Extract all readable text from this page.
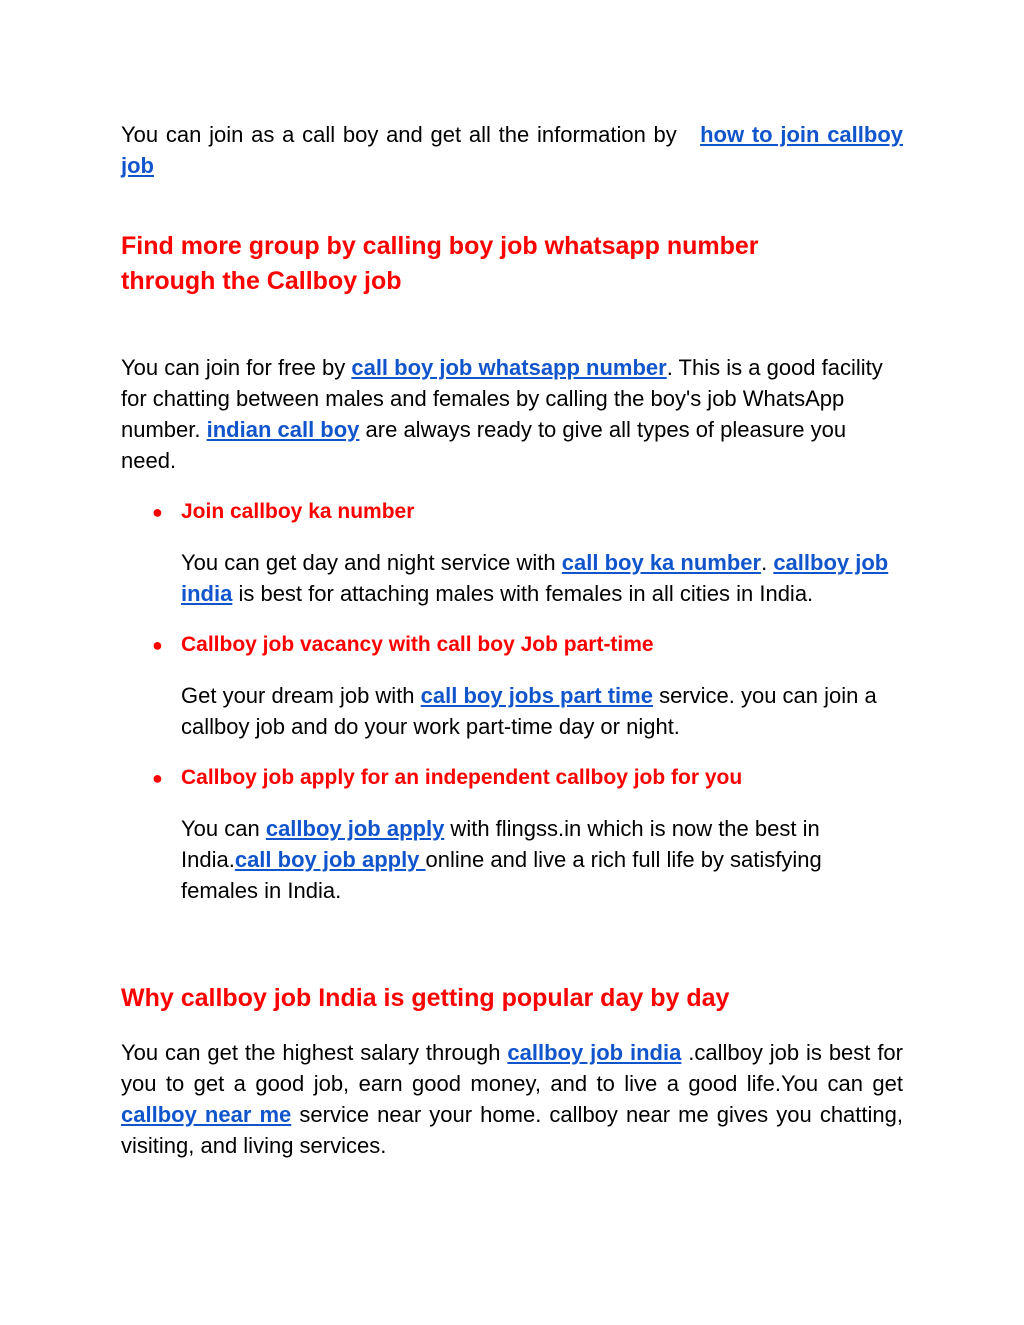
You can join as a call boy and get all the information by   how to join callboy job

Find more group by calling boy job whatsapp number through the Callboy job

You can join for free by call boy job whatsapp number. This is a good facility for chatting between males and females by calling the boy's job WhatsApp number. indian call boy are always ready to give all types of pleasure you need.

● Join callboy ka number

You can get day and night service with call boy ka number. callboy job india is best for attaching males with females in all cities in India.

● Callboy job vacancy with call boy Job part-time

Get your dream job with call boy jobs part time service. you can join a callboy job and do your work part-time day or night.

● Callboy job apply for an independent callboy job for you

You can callboy job apply with flingss.in which is now the best in India.call boy job apply online and live a rich full life by satisfying females in India.

Why callboy job India is getting popular day by day

You can get the highest salary through callboy job india .callboy job is best for you to get a good job, earn good money, and to live a good life.You can get callboy near me service near your home. callboy near me gives you chatting, visiting, and living services.
